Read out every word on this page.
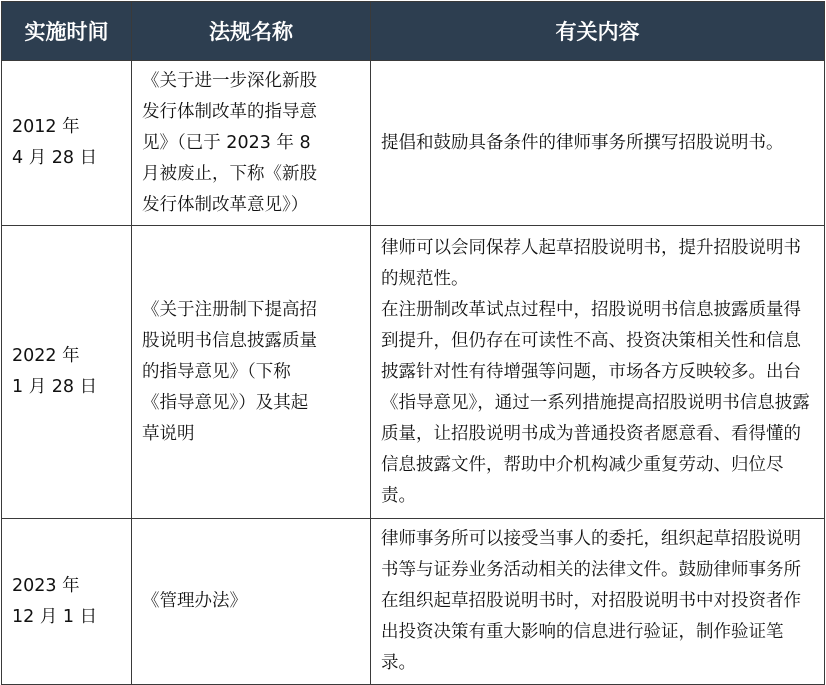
实施时间	法规名称	有关内容

2012 年
4 月 28 日	《关于进一步深化新股
发行体制改革的指导意
见》（已于 2023 年 8
月被废止，下称《新股
发行体制改革意见》）	提倡和鼓励具备条件的律师事务所撰写招股说明书。

2022 年
1 月 28 日	《关于注册制下提高招
股说明书信息披露质量
的指导意见》（下称
《指导意见》）及其起
草说明	律师可以会同保荐人起草招股说明书，提升招股说明书的规范性。
在注册制改革试点过程中，招股说明书信息披露质量得到提升，但仍存在可读性不高、投资决策相关性和信息披露针对性有待增强等问题，市场各方反映较多。出台《指导意见》，通过一系列措施提高招股说明书信息披露质量，让招股说明书成为普通投资者愿意看、看得懂的信息披露文件，帮助中介机构减少重复劳动、归位尽责。

2023 年
12 月 1 日	《管理办法》	律师事务所可以接受当事人的委托，组织起草招股说明书等与证券业务活动相关的法律文件。鼓励律师事务所在组织起草招股说明书时，对招股说明书中对投资者作出投资决策有重大影响的信息进行验证，制作验证笔录。
